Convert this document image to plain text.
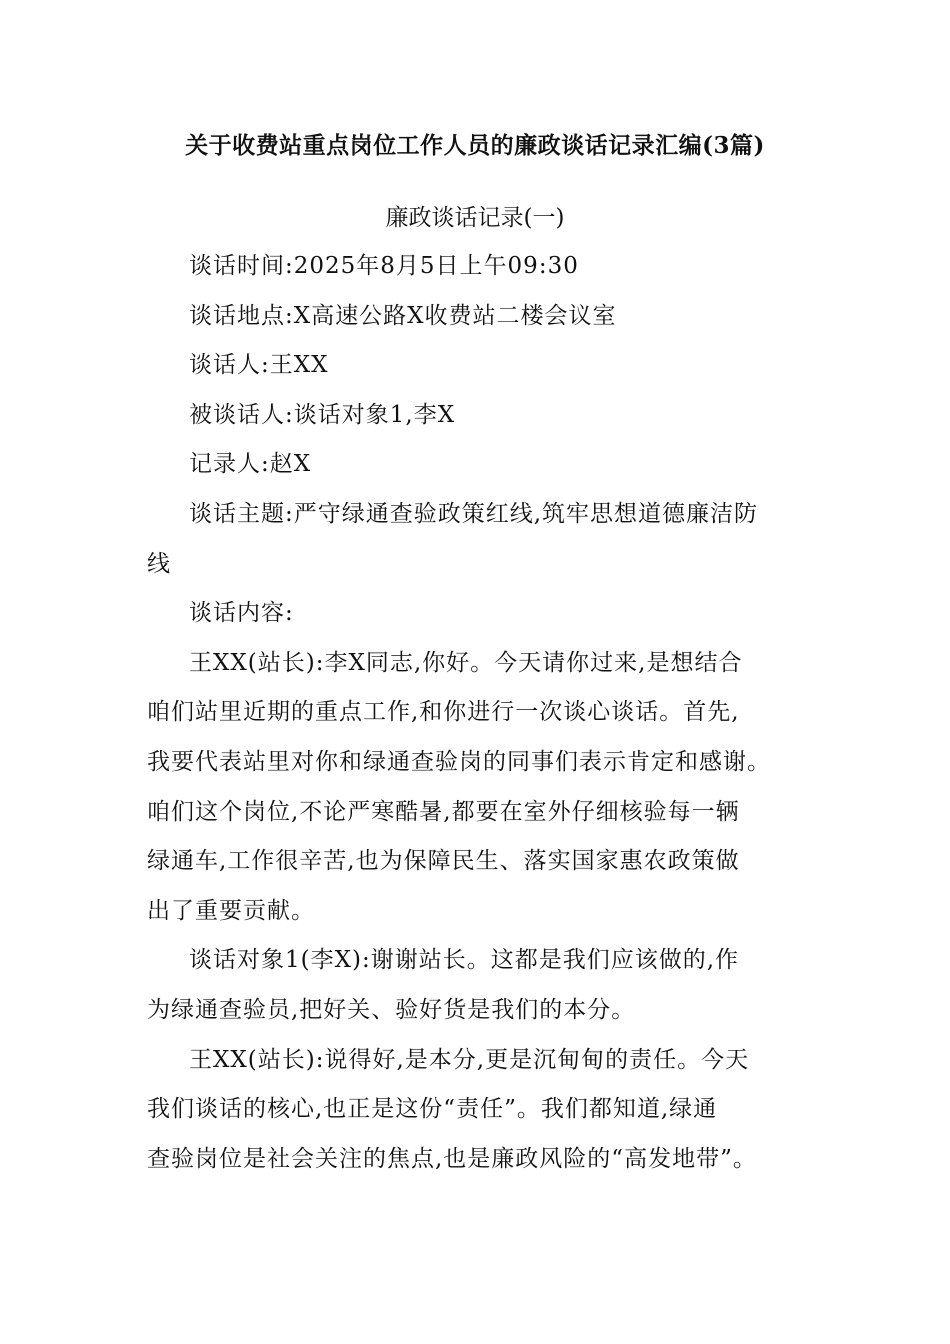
关于收费站重点岗位工作人员的廉政谈话记录汇编(3篇)
廉政谈话记录(一)
谈话时间:2025年8月5日上午09:30
谈话地点:X高速公路X收费站二楼会议室
谈话人:王XX
被谈话人:谈话对象1,李X
记录人:赵X
谈话主题:严守绿通查验政策红线,筑牢思想道德廉洁防
线
谈话内容:
王XX(站长):李X同志,你好。今天请你过来,是想结合
咱们站里近期的重点工作,和你进行一次谈心谈话。首先,
我要代表站里对你和绿通查验岗的同事们表示肯定和感谢。
咱们这个岗位,不论严寒酷暑,都要在室外仔细核验每一辆
绿通车,工作很辛苦,也为保障民生、落实国家惠农政策做
出了重要贡献。
谈话对象1(李X):谢谢站长。这都是我们应该做的,作
为绿通查验员,把好关、验好货是我们的本分。
王XX(站长):说得好,是本分,更是沉甸甸的责任。今天
我们谈话的核心,也正是这份“责任”。我们都知道,绿通
查验岗位是社会关注的焦点,也是廉政风险的“高发地带”。
